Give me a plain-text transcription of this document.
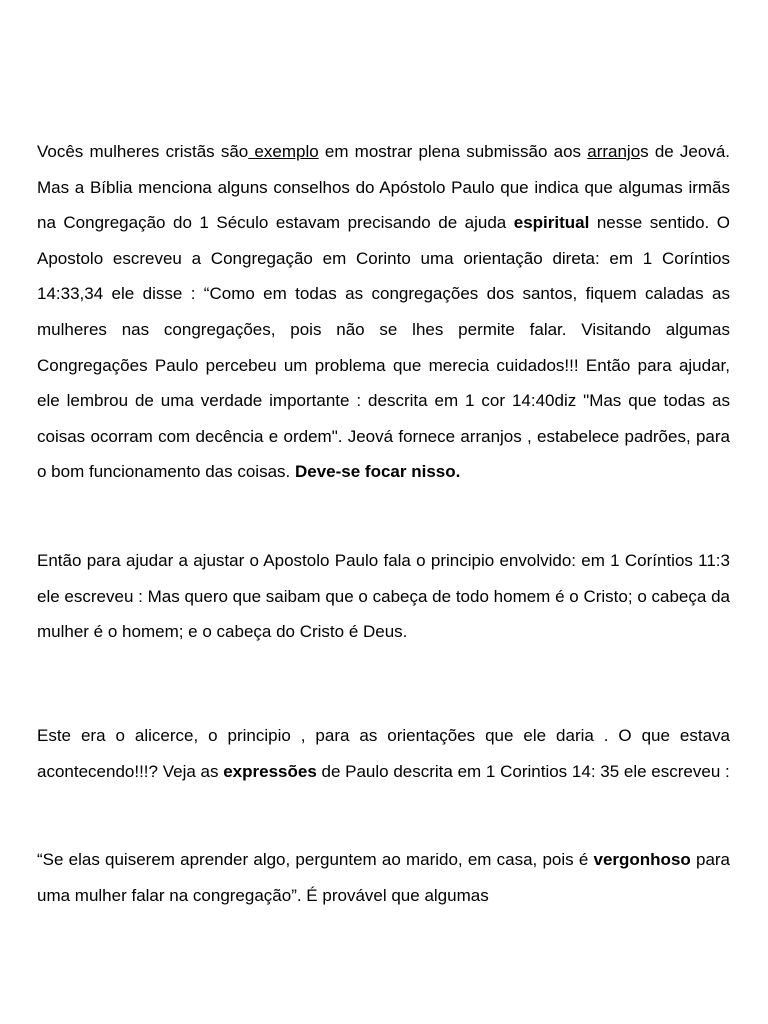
Vocês mulheres cristãs são exemplo em mostrar plena submissão aos arranjos de Jeová. Mas a Bíblia menciona alguns conselhos do Apóstolo Paulo que indica que algumas irmãs na Congregação do 1 Século estavam precisando de ajuda espiritual nesse sentido. O Apostolo escreveu a Congregação em Corinto uma orientação direta: em 1 Coríntios 14:33,34 ele disse : “Como em todas as congregações dos santos, fiquem caladas as mulheres nas congregações, pois não se lhes permite falar. Visitando algumas Congregações Paulo percebeu um problema que merecia cuidados!!! Então para ajudar, ele lembrou de uma verdade importante : descrita em 1 cor 14:40diz "Mas que todas as coisas ocorram com decência e ordem". Jeová fornece arranjos , estabelece padrões, para o bom funcionamento das coisas. Deve-se focar nisso.

Então para ajudar a ajustar o Apostolo Paulo fala o principio envolvido: em 1 Coríntios 11:3 ele escreveu : Mas quero que saibam que o cabeça de todo homem é o Cristo; o cabeça da mulher é o homem; e o cabeça do Cristo é Deus.

Este era o alicerce, o principio , para as orientações que ele daria . O que estava acontecendo!!!? Veja as expressões de Paulo descrita em 1 Corintios 14: 35 ele escreveu :

“Se elas quiserem aprender algo, perguntem ao marido, em casa, pois é vergonhoso para uma mulher falar na congregação”. É provável que algumas
